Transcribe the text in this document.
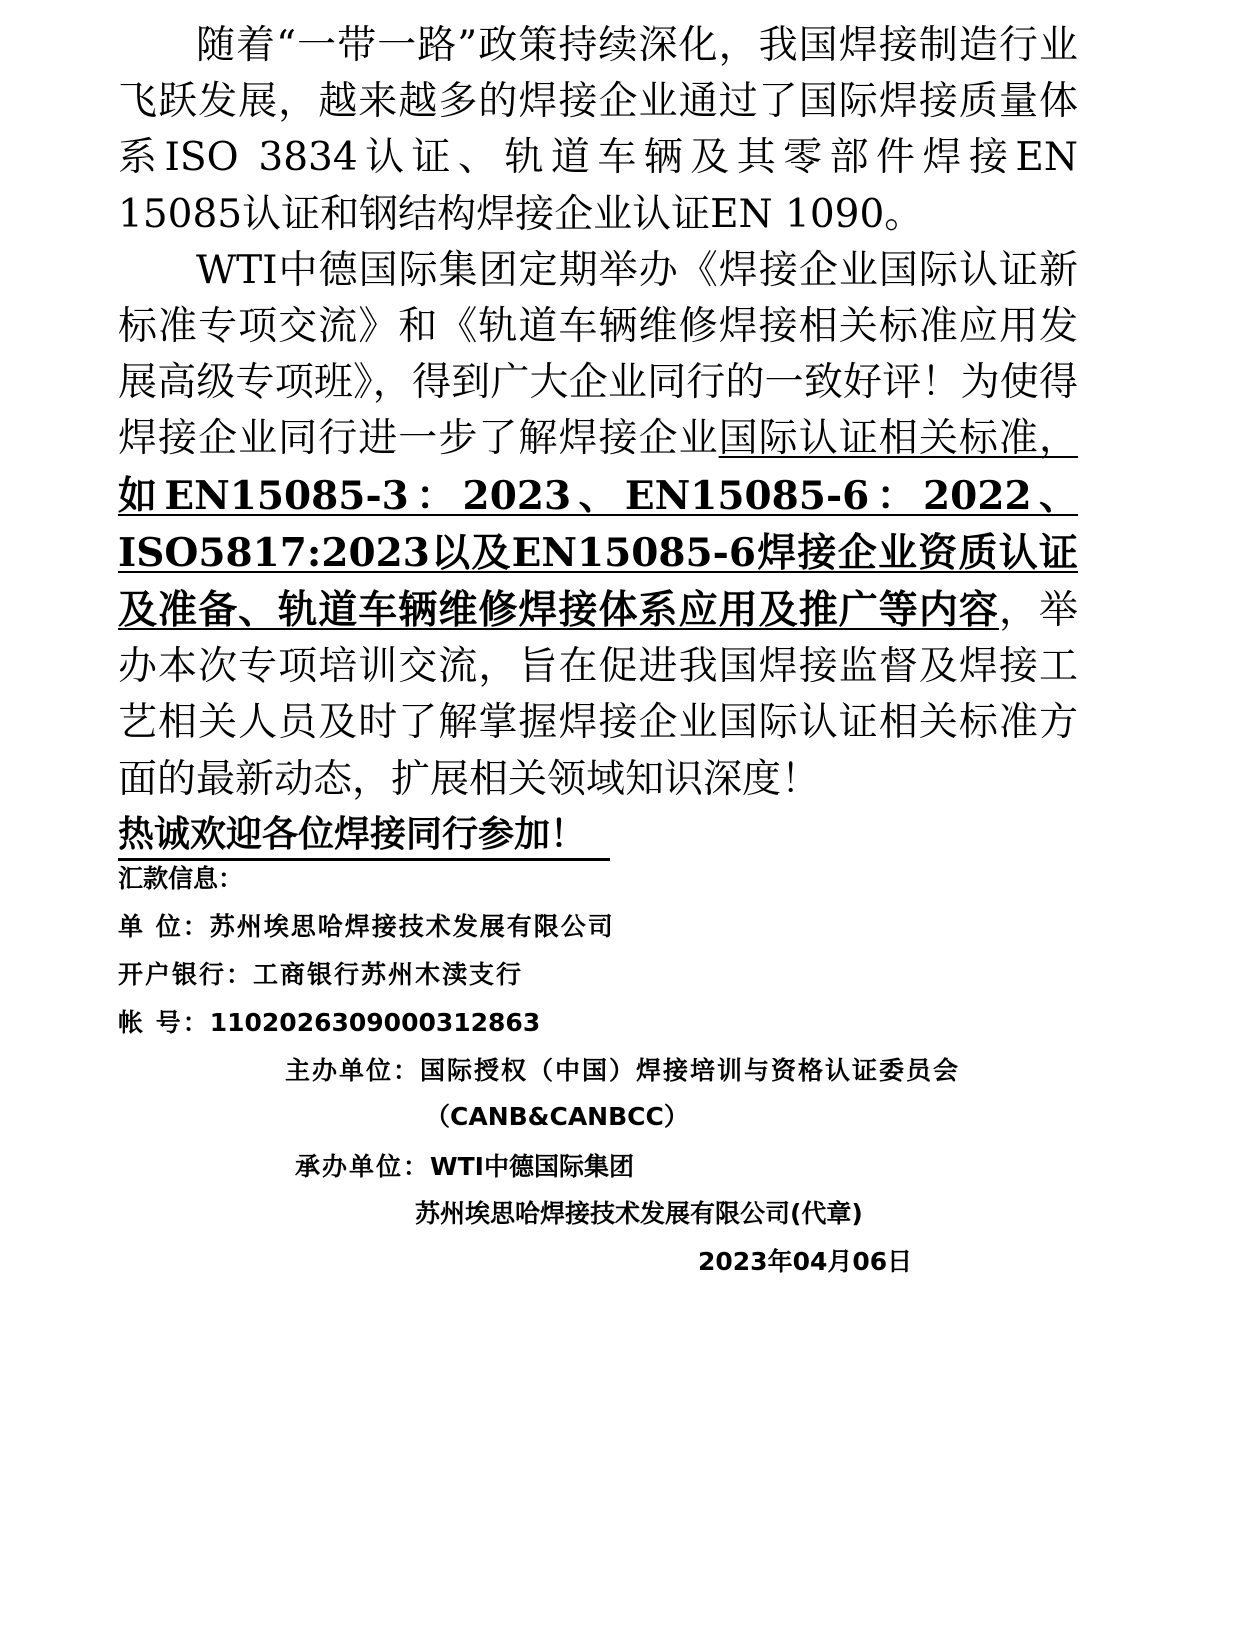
随着“一带一路”政策持续深化，我国焊接制造行业飞跃发展，越来越多的焊接企业通过了国际焊接质量体系ISO 3834认证、轨道车辆及其零部件焊接EN 15085认证和钢结构焊接企业认证EN 1090。

WTI中德国际集团定期举办《焊接企业国际认证新标准专项交流》和《轨道车辆维修焊接相关标准应用发展高级专项班》，得到广大企业同行的一致好评！为使得焊接企业同行进一步了解焊接企业国际认证相关标准，如EN15085-3：2023、EN15085-6：2022、ISO5817:2023以及EN15085-6焊接企业资质认证及准备、轨道车辆维修焊接体系应用及推广等内容，举办本次专项培训交流，旨在促进我国焊接监督及焊接工艺相关人员及时了解掌握焊接企业国际认证相关标准方面的最新动态，扩展相关领域知识深度！

热诚欢迎各位焊接同行参加！
汇款信息：
单 位：苏州埃思哈焊接技术发展有限公司
开户银行：工商银行苏州木渎支行
帐 号：1102026309000312863
主办单位：国际授权（中国）焊接培训与资格认证委员会
（CANB&CANBCC）
承办单位：WTI中德国际集团
苏州埃思哈焊接技术发展有限公司(代章)
2023年04月06日
